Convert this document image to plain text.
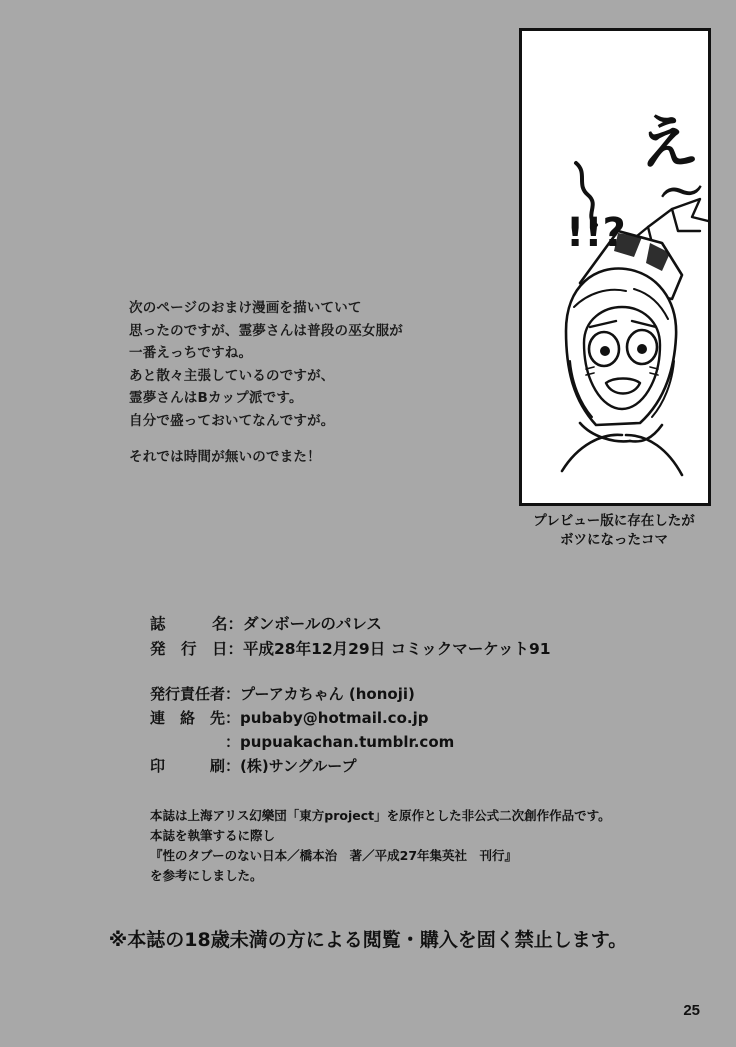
次のページのおまけ漫画を描いていて
思ったのですが、霊夢さんは普段の巫女服が
一番えっちですね。
あと散々主張しているのですが、
霊夢さんはBカップ派です。
自分で盛っておいてなんですが。
それでは時間が無いのでまた！
え
～
!!?
プレビュー版に存在したが
ボツになったコマ
誌　　　名：ダンボールのパレス
発　行　日：平成28年12月29日 コミックマーケット91
発行責任者：プーアカちゃん (honoji)
連　絡　先：pubaby@hotmail.co.jp
　　　　　：pupuakachan.tumblr.com
印　　　刷：(株)サングループ
本誌は上海アリス幻樂団「東方project」を原作とした非公式二次創作作品です。
本誌を執筆するに際し
『性のタブーのない日本／橋本治　著／平成27年集英社　刊行』
を参考にしました。
※本誌の18歳未満の方による閲覧・購入を固く禁止します。
25
